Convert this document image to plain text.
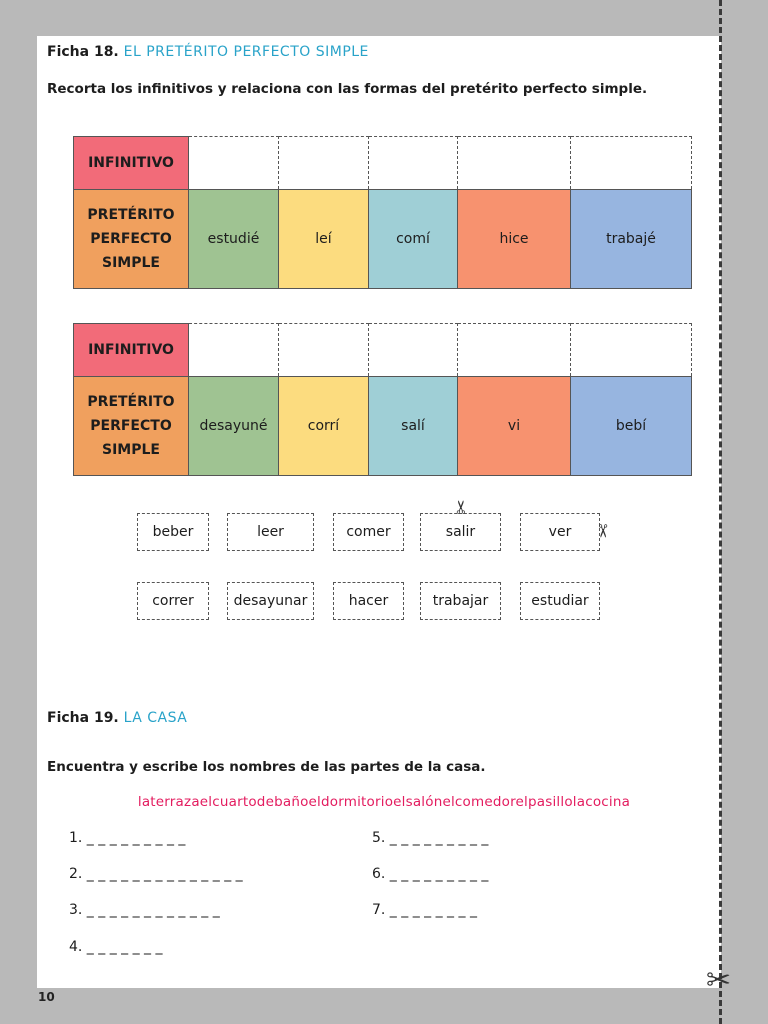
Ficha 18. EL PRETÉRITO PERFECTO SIMPLE
Recorta los infinitivos y relaciona con las formas del pretérito perfecto simple.
INFINITIVO					

PRETÉRITO
PERFECTO
SIMPLE	estudié	leí	comí	hice	trabajé
INFINITIVO					

PRETÉRITO
PERFECTO
SIMPLE	desayuné	corrí	salí	vi	bebí
beber	leer	comer	salir	ver
✂
✂
correr	desayunar	hacer	trabajar	estudiar
Ficha 19. LA CASA
Encuentra y escribe los nombres de las partes de la casa.
laterrazaelcuartodebañoeldormitorioelsalónelcomedorelpasillolacocina
1. _ _ _ _ _ _ _ _ _
2. _ _ _ _ _ _ _ _ _ _ _ _ _ _
3. _ _ _ _ _ _ _ _ _ _ _ _
4. _ _ _ _ _ _ _
5. _ _ _ _ _ _ _ _ _
6. _ _ _ _ _ _ _ _ _
7. _ _ _ _ _ _ _ _
10	✂
